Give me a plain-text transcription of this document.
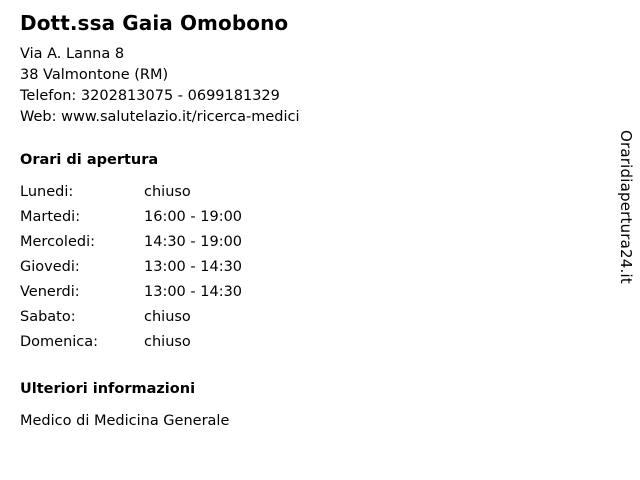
Dott.ssa Gaia Omobono

Via A. Lanna 8

38 Valmontone (RM)

Telefon: 3202813075 - 0699181329

Web: www.salutelazio.it/ricerca-medici

Orari di apertura
Lunedi:	chiuso
Martedi:	16:00 - 19:00
Mercoledi:	14:30 - 19:00
Giovedi:	13:00 - 14:30
Venerdi:	13:00 - 14:30
Sabato:	chiuso
Domenica:	chiuso
Ulteriori informazioni

Medico di Medicina Generale

Oraridiapertura24.it
